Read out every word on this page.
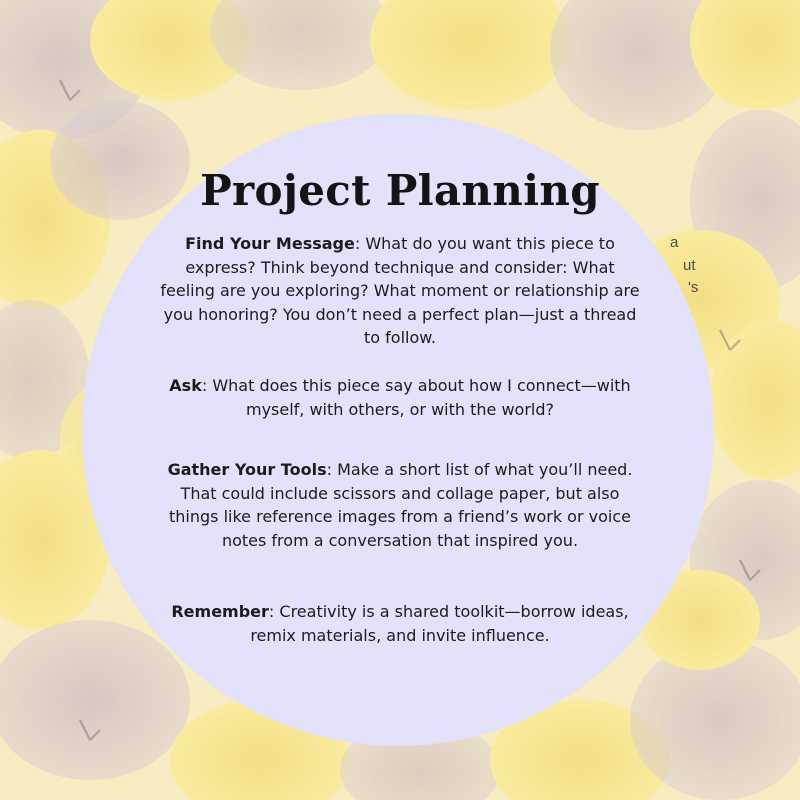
a
ut
's
Project Planning

Find Your Message: What do you want this piece to express? Think beyond technique and consider: What feeling are you exploring? What moment or relationship are you honoring? You don’t need a perfect plan—just a thread to follow.

Ask: What does this piece say about how I connect—with myself, with others, or with the world?

Gather Your Tools: Make a short list of what you’ll need. That could include scissors and collage paper, but also things like reference images from a friend’s work or voice notes from a conversation that inspired you.

Remember: Creativity is a shared toolkit—borrow ideas, remix materials, and invite influence.
